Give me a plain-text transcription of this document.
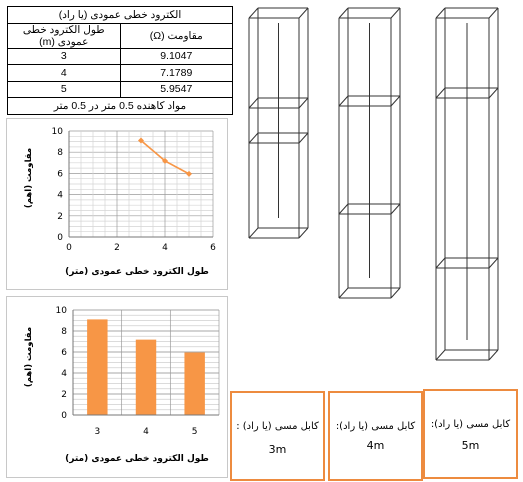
الکترود خطی عمودی (یا راد)	
طول الکترود خطی عمودی (m)	مقاومت (Ω)
3	9.1047
4	7.1789
5	5.9547
مواد کاهنده 0.5 متر در 0.5 متر	
0
2
4
6
8
10
0	2	4	6
طول الکترود خطی عمودی (متر)
مقاومت (اهم)
0
2
4
6
8
10
3	4	5
طول الکترود خطی عمودی (متر)
مقاومت (اهم)
کابل مسی (یا راد) :
3m
کابل مسی (یا راد):
4m
کابل مسی (یا راد):
5m
